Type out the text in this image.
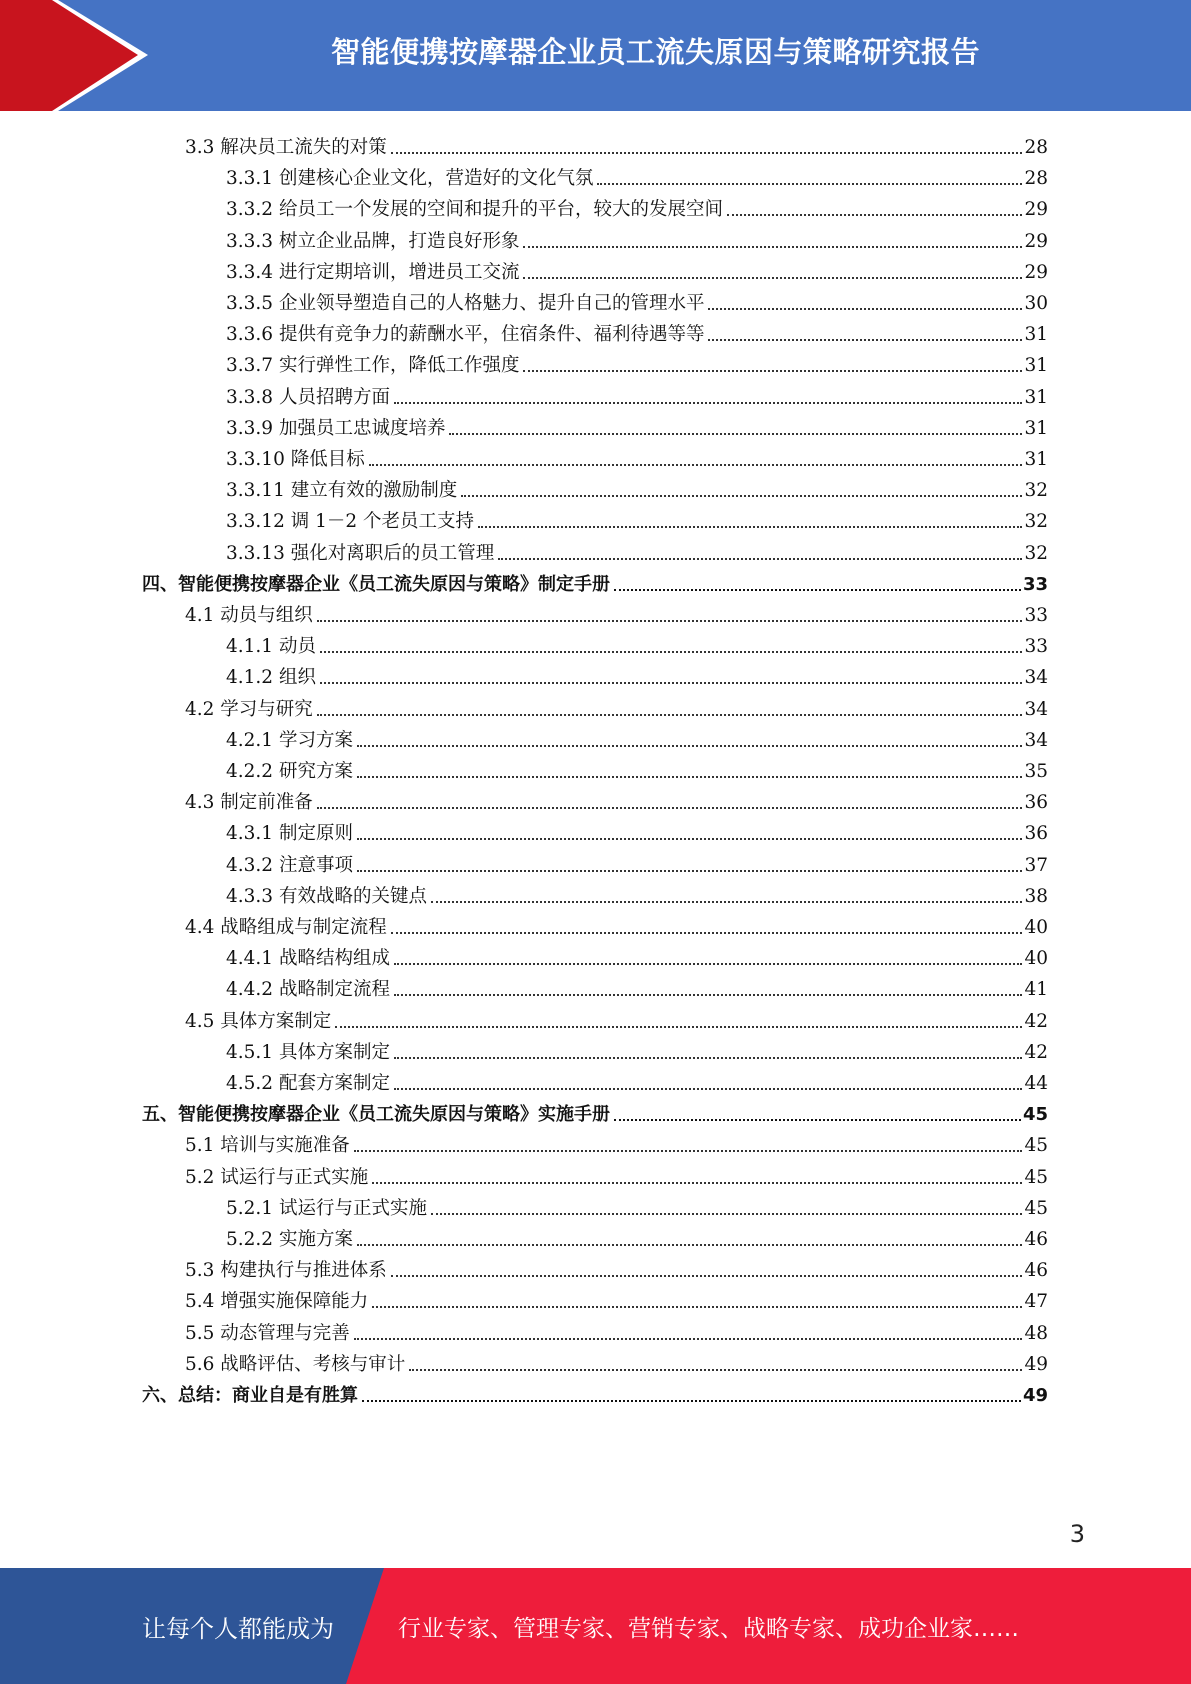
智能便携按摩器企业员工流失原因与策略研究报告
3.3 解决员工流失的对策	28
3.3.1 创建核心企业文化，营造好的文化气氛	28
3.3.2 给员工一个发展的空间和提升的平台，较大的发展空间	29
3.3.3 树立企业品牌，打造良好形象	29
3.3.4 进行定期培训，增进员工交流	29
3.3.5 企业领导塑造自己的人格魅力、提升自己的管理水平	30
3.3.6 提供有竞争力的薪酬水平，住宿条件、福利待遇等等	31
3.3.7 实行弹性工作，降低工作强度	31
3.3.8 人员招聘方面	31
3.3.9 加强员工忠诚度培养	31
3.3.10 降低目标	31
3.3.11 建立有效的激励制度	32
3.3.12 调 1－2 个老员工支持	32
3.3.13 强化对离职后的员工管理	32
四、智能便携按摩器企业《员工流失原因与策略》制定手册	33
4.1 动员与组织	33
4.1.1 动员	33
4.1.2 组织	34
4.2 学习与研究	34
4.2.1 学习方案	34
4.2.2 研究方案	35
4.3 制定前准备	36
4.3.1 制定原则	36
4.3.2 注意事项	37
4.3.3 有效战略的关键点	38
4.4 战略组成与制定流程	40
4.4.1 战略结构组成	40
4.4.2 战略制定流程	41
4.5 具体方案制定	42
4.5.1 具体方案制定	42
4.5.2 配套方案制定	44
五、智能便携按摩器企业《员工流失原因与策略》实施手册	45
5.1 培训与实施准备	45
5.2 试运行与正式实施	45
5.2.1 试运行与正式实施	45
5.2.2 实施方案	46
5.3 构建执行与推进体系	46
5.4 增强实施保障能力	47
5.5 动态管理与完善	48
5.6 战略评估、考核与审计	49
六、总结：商业自是有胜算	49
3
让每个人都能成为	行业专家、管理专家、营销专家、战略专家、成功企业家……
